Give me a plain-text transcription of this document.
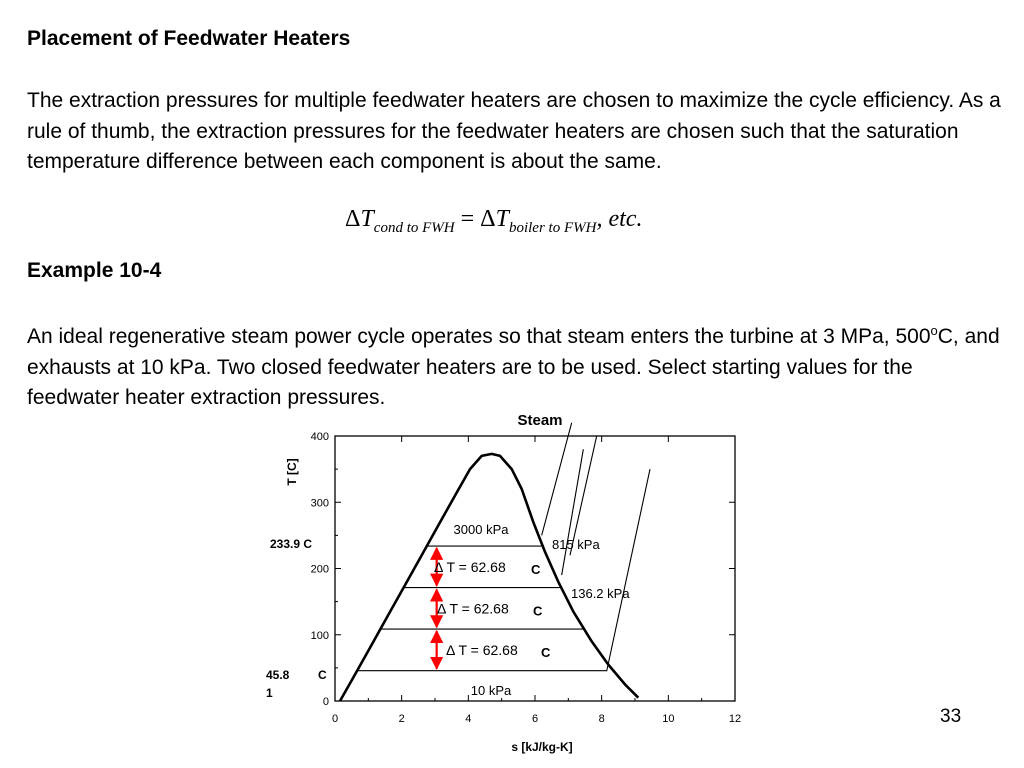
Placement of Feedwater Heaters
The extraction pressures for multiple feedwater heaters are chosen to maximize the cycle efficiency. As a rule of thumb, the extraction pressures for the feedwater heaters are chosen such that the saturation temperature difference between each component is about the same.
$\Delta T_{cond to FWH} = \Delta T_{boiler to FWH}$, etc.
Example 10-4
An ideal regenerative steam power cycle operates so that steam enters the turbine at 3 MPa, 500$^o$C, and exhausts at 10 kPa. Two closed feedwater heaters are to be used. Select starting values for the feedwater heater extraction pressures.
0	2	4	6	8	10	12
0
100
200
300
400
Steam
s [kJ/kg-K]
T [C]
3000 kPa
815 kPa
136.2 kPa
10 kPa
Δ T = 62.68 C
Δ T = 62.68 C
Δ T = 62.68 C
233.9 C
45.8
1
C
33
